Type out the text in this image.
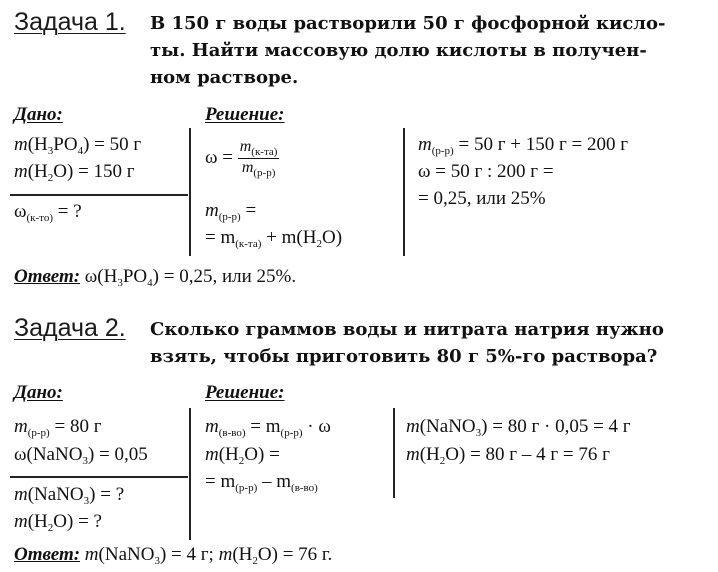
Задача 1. В 150 г воды растворили 50 г фосфорной кисло-
ты. Найти массовую долю кислоты в получен-
ном растворе.
Дано:	Решение:
$m(H_3PO_4) = 50$ г
$m(H_2O) = 150$ г
$\omega_{(к-то)}$ = ?
$\omega = \frac{m_{(к-та)}}{m_{(р-р)}}$
$m_{(р-р)}$ =
= $m_{(к-та)} + m(H_2O)$
$m_{(р-р)} = 50$ г + 150 г = 200 г
ω = 50 г : 200 г =
= 0,25, или 25%
Ответ: $\omega(H_3PO_4) = 0,25$, или 25%.
Задача 2. Сколько граммов воды и нитрата натрия нужно
взять, чтобы приготовить 80 г 5%-го раствора?
Дано:	Решение:
$m_{(р-р)} = 80$ г
ω(NaNO$_3$) = 0,05
m(NaNO$_3$) = ?
$m(H_2O)$ = ?
$m_{(в-во)} = m_{(р-р)} \cdot \omega$
$m(H_2O)$ =
= $m_{(р-р)} - m_{(в-во)}$
m(NaNO$_3$) = 80 г · 0,05 = 4 г
$m(H_2O) = 80$ г – 4 г = 76 г
Ответ: m(NaNO$_3$) = 4 г; $m(H_2O) = 76$ г.
